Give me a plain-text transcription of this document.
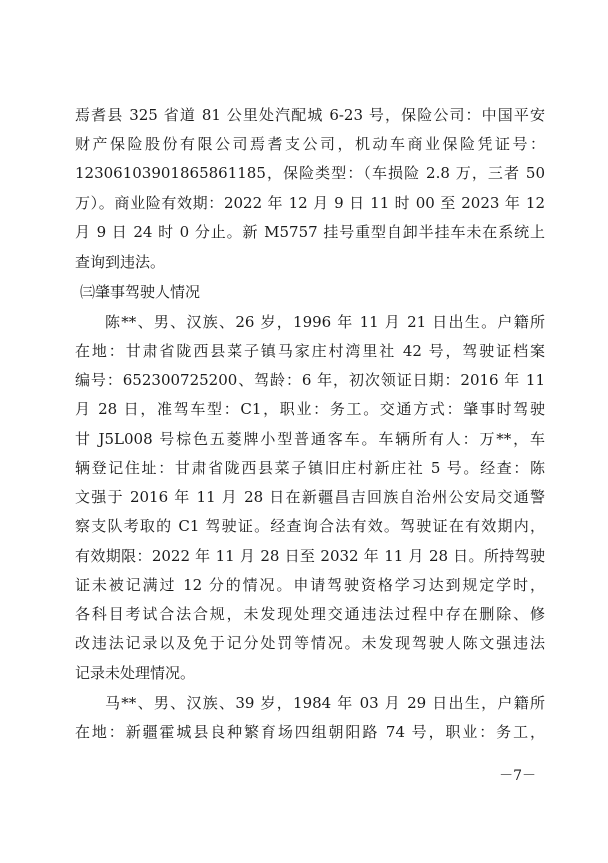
焉耆县 325 省道 81 公里处汽配城 6-23 号，保险公司：中国平安
财产保险股份有限公司焉耆支公司，机动车商业保险凭证号：
12306103901865861185，保险类型：（车损险 2.8 万，三者 50
万）。商业险有效期：2022 年 12 月 9 日 11 时 00 至 2023 年 12
月 9 日 24 时 0 分止。新 M5757 挂号重型自卸半挂车未在系统上
查询到违法。
㈢肇事驾驶人情况
陈**、男、汉族、26 岁，1996 年 11 月 21 日出生。户籍所
在地：甘肃省陇西县菜子镇马家庄村湾里社 42 号，驾驶证档案
编号：652300725200、驾龄：6 年，初次领证日期：2016 年 11
月 28 日，准驾车型：C1，职业：务工。交通方式：肇事时驾驶
甘 J5L008 号棕色五菱牌小型普通客车。车辆所有人：万**，车
辆登记住址：甘肃省陇西县菜子镇旧庄村新庄社 5 号。经查：陈
文强于 2016 年 11 月 28 日在新疆昌吉回族自治州公安局交通警
察支队考取的 C1 驾驶证。经查询合法有效。驾驶证在有效期内，
有效期限：2022 年 11 月 28 日至 2032 年 11 月 28 日。所持驾驶
证未被记满过 12 分的情况。申请驾驶资格学习达到规定学时，
各科目考试合法合规，未发现处理交通违法过程中存在删除、修
改违法记录以及免于记分处罚等情况。未发现驾驶人陈文强违法
记录未处理情况。
马**、男、汉族、39 岁，1984 年 03 月 29 日出生，户籍所
在地：新疆霍城县良种繁育场四组朝阳路 74 号，职业：务工，
－7－
